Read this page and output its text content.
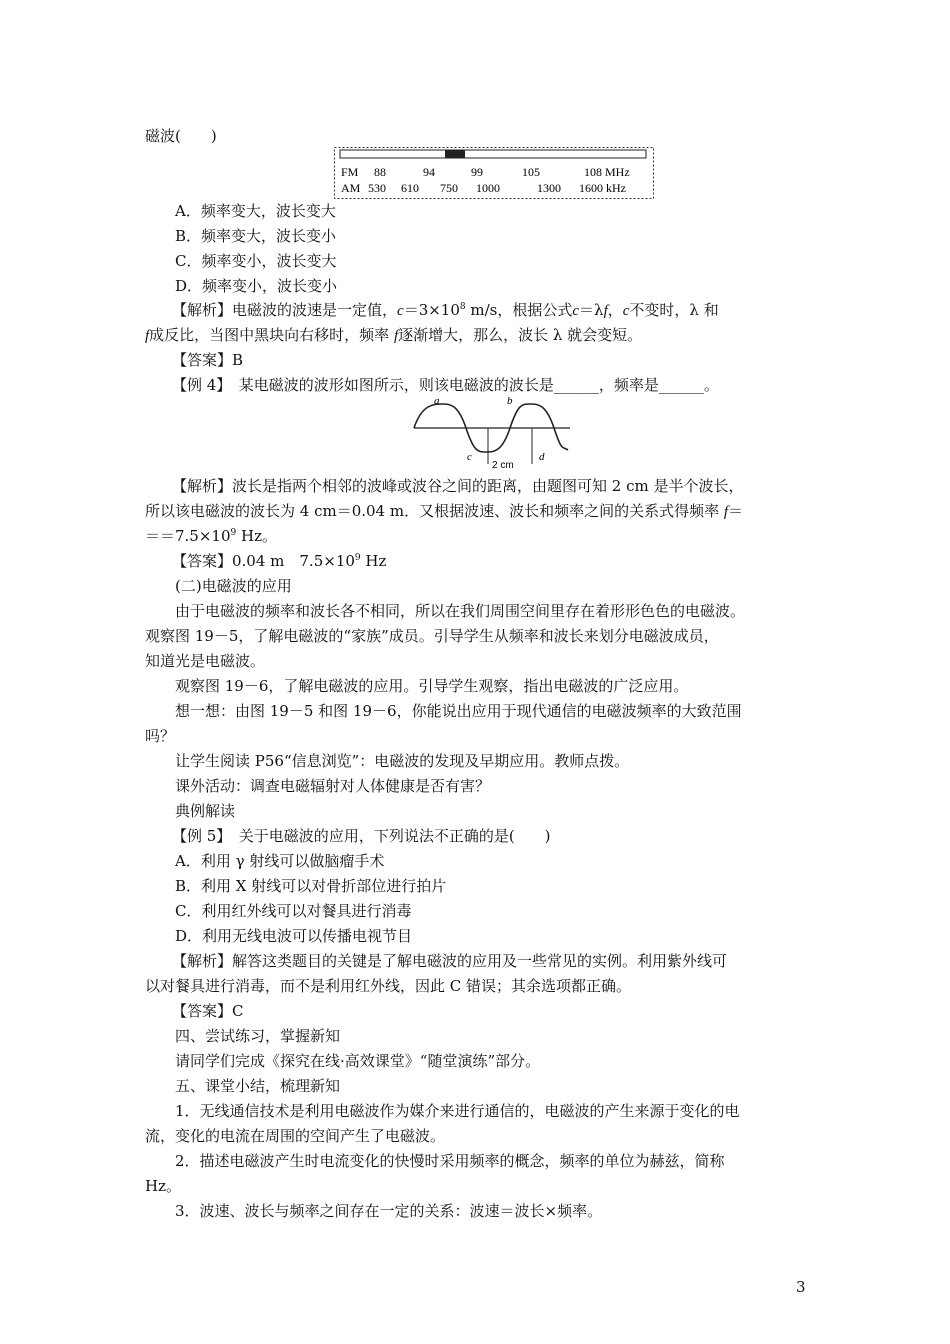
磁波(　　)
FM 88	94	99	105	108 MHz
AM 530 610 750 1000	1300 1600 kHz
A．频率变大，波长变大
B．频率变大，波长变小
C．频率变小，波长变大
D．频率变小，波长变小
【解析】电磁波的波速是一定值，$c=3\times 10^8$ m/s，根据公式c＝λf，c不变时，λ 和
f成反比，当图中黑块向右移时，频率 f逐渐增大，那么，波长 λ 就会变短。
【答案】B
【例 4】　某电磁波的波形如图所示，则该电磁波的波长是______，频率是______。
a	b
c	d
2 cm
【解析】波长是指两个相邻的波峰或波谷之间的距离，由题图可知 2 cm 是半个波长，
所以该电磁波的波长为 4 cm＝0.04 m．又根据波速、波长和频率之间的关系式得频率 f＝
$==7.5\times 10^9$ Hz。
【答案】0.04 m　$7.5\times 10^9$ Hz
(二)电磁波的应用
由于电磁波的频率和波长各不相同，所以在我们周围空间里存在着形形色色的电磁波。
观察图 19－5，了解电磁波的“家族”成员。引导学生从频率和波长来划分电磁波成员，
知道光是电磁波。
观察图 19－6，了解电磁波的应用。引导学生观察，指出电磁波的广泛应用。
想一想：由图 19－5 和图 19－6，你能说出应用于现代通信的电磁波频率的大致范围
吗？
让学生阅读 P56“信息浏览”：电磁波的发现及早期应用。教师点拨。
课外活动：调查电磁辐射对人体健康是否有害？
典例解读
【例 5】　关于电磁波的应用，下列说法不正确的是(　　)
A．利用 γ 射线可以做脑瘤手术
B．利用 X 射线可以对骨折部位进行拍片
C．利用红外线可以对餐具进行消毒
D．利用无线电波可以传播电视节目
【解析】解答这类题目的关键是了解电磁波的应用及一些常见的实例。利用紫外线可
以对餐具进行消毒，而不是利用红外线，因此 C 错误；其余选项都正确。
【答案】C
四、尝试练习，掌握新知
请同学们完成《探究在线·高效课堂》“随堂演练”部分。
五、课堂小结，梳理新知
1．无线通信技术是利用电磁波作为媒介来进行通信的，电磁波的产生来源于变化的电
流，变化的电流在周围的空间产生了电磁波。
2．描述电磁波产生时电流变化的快慢时采用频率的概念，频率的单位为赫兹，简称
Hz。
3．波速、波长与频率之间存在一定的关系：波速＝波长×频率。
3
